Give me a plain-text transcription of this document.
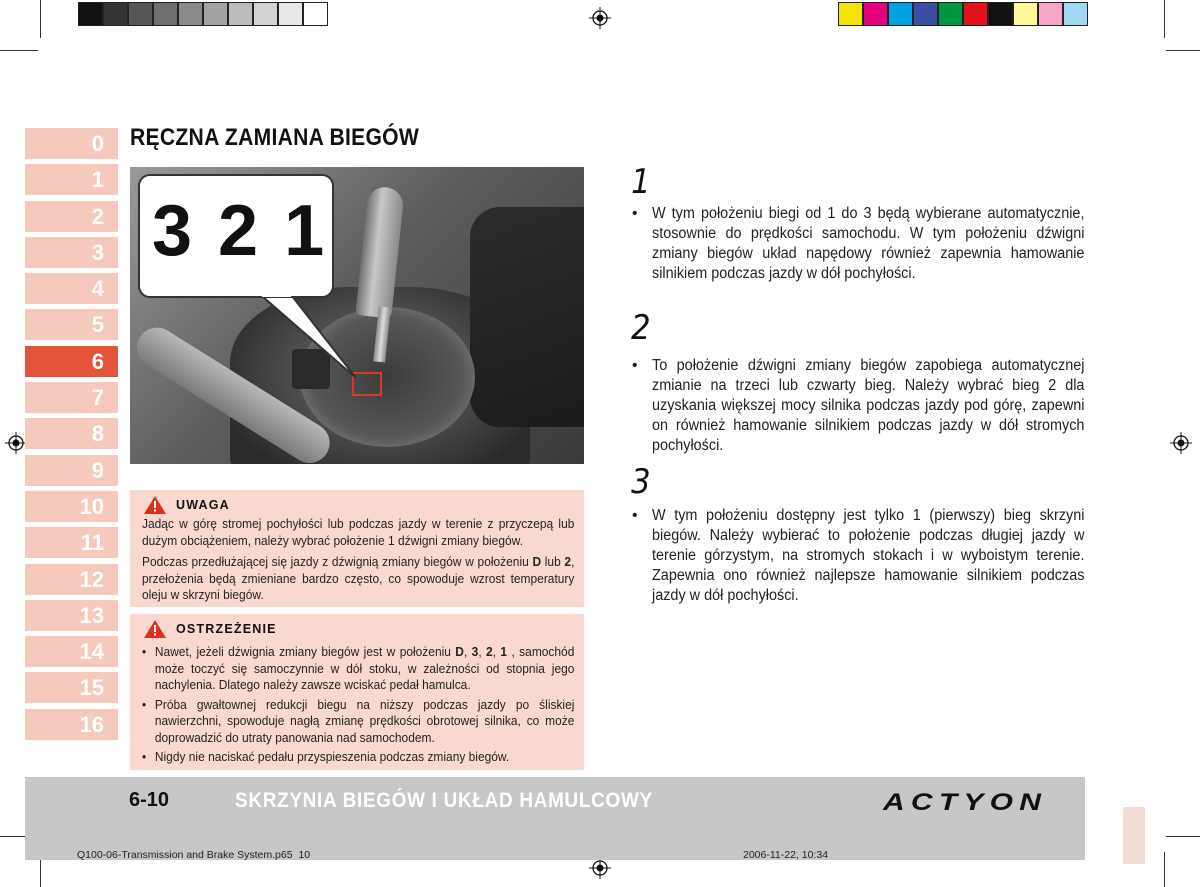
0
1
2
3
4
5
6
7
8
9
10
11
12
13
14
15
16
RĘCZNA ZAMIANA BIEGÓW
3 2 1
UWAGA

Jadąc w górę stromej pochyłości lub podczas jazdy w terenie z przyczepą lub dużym obciążeniem, należy wybrać położenie 1 dźwigni zmiany biegów.

Podczas przedłużającej się jazdy z dźwignią zmiany biegów w położeniu D lub 2, przełożenia będą zmieniane bardzo często, co spowoduje wzrost temperatury oleju w skrzyni biegów.

OSTRZEŻENIE
• Nawet, jeżeli dźwignia zmiany biegów jest w położeniu D, 3, 2, 1 , samochód może toczyć się samoczynnie w dół stoku, w zależności od stopnia jego nachylenia. Dlatego należy zawsze wciskać pedał hamulca.
• Próba gwałtownej redukcji biegu na niższy podczas jazdy po śliskiej nawierzchni, spowoduje nagłą zmianę prędkości obrotowej silnika, co może doprowadzić do utraty panowania nad samochodem.
• Nigdy nie naciskać pedału przyspieszenia podczas zmiany biegów.
1
• W tym położeniu biegi od 1 do 3 będą wybierane automatycznie, stosownie do prędkości samochodu. W tym położeniu dźwigni zmiany biegów układ napędowy również zapewnia hamowanie silnikiem podczas jazdy w dół pochyłości.
2
• To położenie dźwigni zmiany biegów zapobiega automatycznej zmianie na trzeci lub czwarty bieg. Należy wybrać bieg 2 dla uzyskania większej mocy silnika podczas jazdy pod górę, zapewni on również hamowanie silnikiem podczas jazdy w dół stromych pochyłości.
3
• W tym położeniu dostępny jest tylko 1 (pierwszy) bieg skrzyni biegów. Należy wybierać to położenie podczas długiej jazdy w terenie górzystym, na stromych stokach i w wyboistym terenie. Zapewnia ono również najlepsze hamowanie silnikiem podczas jazdy w dół pochyłości.
6-10	SKRZYNIA BIEGÓW I UKŁAD HAMULCOWY	ACTYON
Q100-06-Transmission and Brake System.p65 10	2006-11-22, 10:34
